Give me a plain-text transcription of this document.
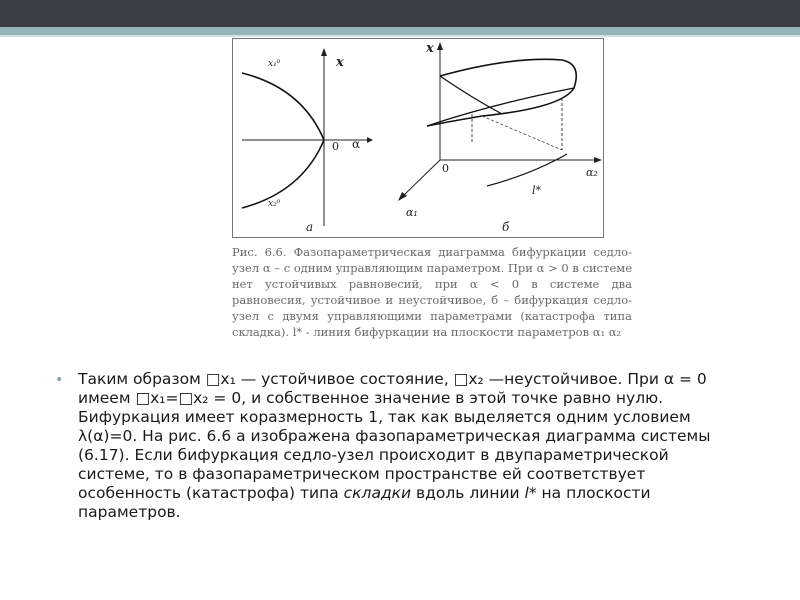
x
x₁⁰
x₂⁰
0 α
a
x
0
α₁
α₂
l*
б

Рис. 6.6. Фазопараметрическая диаграмма бифуркации седло-узел α – с одним управляющим параметром. При α > 0 в системе нет устойчивых равновесий, при α < 0 в системе два равновесия, устойчивое и неустойчивое, б – бифуркация седло-узел с двумя управляющими параметрами (катастрофа типа складка). l* - линия бифуркации на плоскости параметров α₁ α₂

• Таким образом □x₁ — устойчивое состояние, □x₂ —неустойчивое. При α = 0 имеем □x₁=□x₂ = 0, и собственное значение в этой точке равно нулю. Бифуркация имеет коразмерность 1, так как выделяется одним условием λ(α)=0. На рис. 6.6 а изображена фазопараметрическая диаграмма системы (6.17). Если бифуркация седло-узел происходит в двупараметрической системе, то в фазопараметрическом пространстве ей соответствует особенность (катастрофа) типа складки вдоль линии l* на плоскости параметров.
